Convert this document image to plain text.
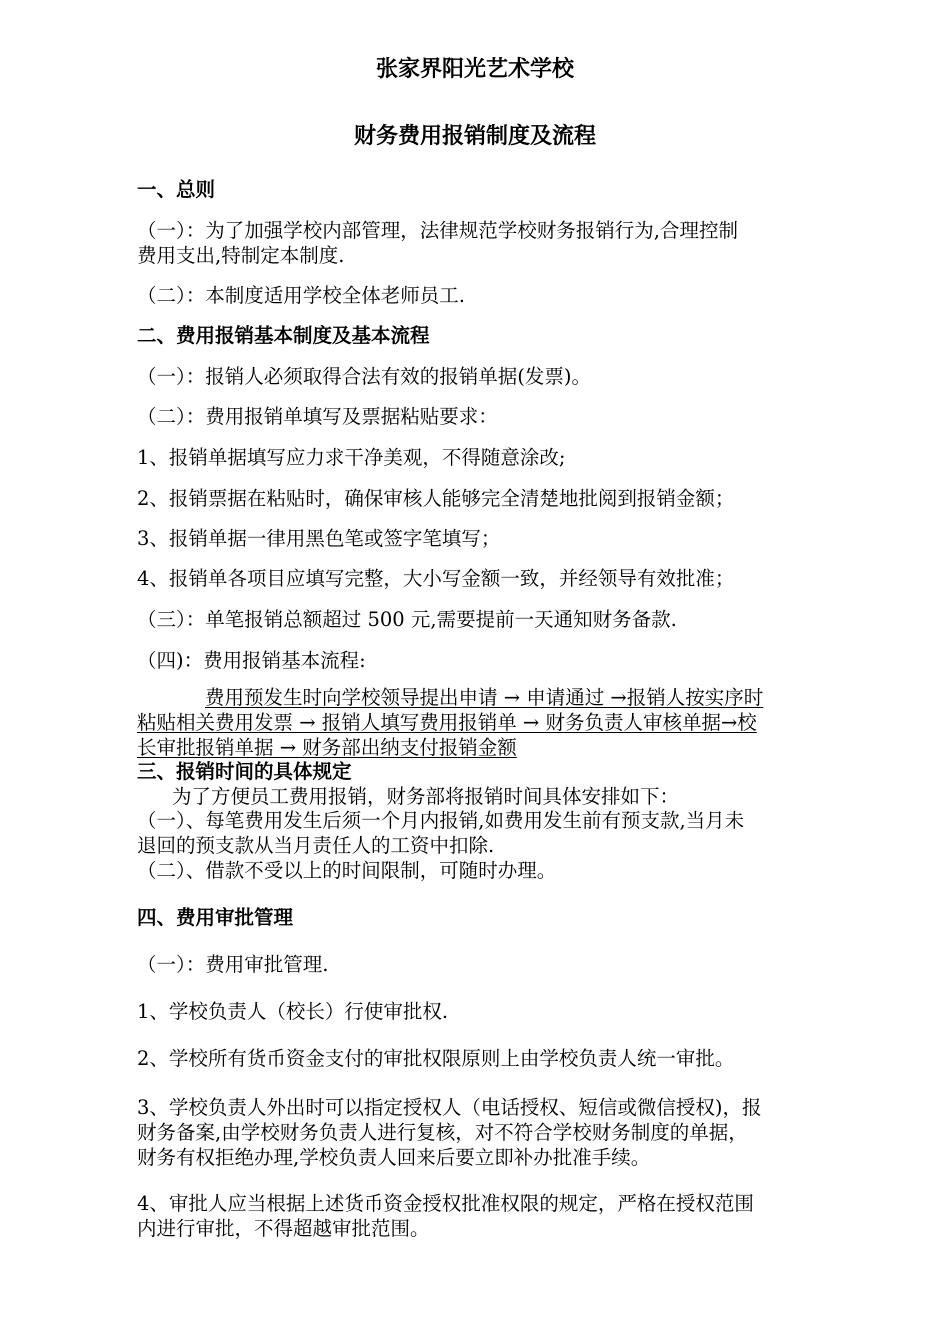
张家界阳光艺术学校

财务费用报销制度及流程

一、总则

（一）：为了加强学校内部管理，法律规范学校财务报销行为,合理控制

费用支出,特制定本制度.

（二）：本制度适用学校全体老师员工.

二、费用报销基本制度及基本流程

（一）：报销人必须取得合法有效的报销单据(发票)。

（二）：费用报销单填写及票据粘贴要求：

1、报销单据填写应力求干净美观，不得随意涂改;

2、报销票据在粘贴时，确保审核人能够完全清楚地批阅到报销金额；

3、报销单据一律用黑色笔或签字笔填写；

4、报销单各项目应填写完整，大小写金额一致，并经领导有效批准；

（三）：单笔报销总额超过 500 元,需要提前一天通知财务备款.

（四)：费用报销基本流程:

费用预发生时向学校领导提出申请 → 申请通过 →报销人按实序时

粘贴相关费用发票 → 报销人填写费用报销单 → 财务负责人审核单据→校

长审批报销单据 → 财务部出纳支付报销金额

三、报销时间的具体规定

为了方便员工费用报销，财务部将报销时间具体安排如下：

（一）、每笔费用发生后须一个月内报销,如费用发生前有预支款,当月未

退回的预支款从当月责任人的工资中扣除.

（二）、借款不受以上的时间限制，可随时办理。

四、费用审批管理

（一）：费用审批管理.

1、学校负责人（校长）行使审批权.

2、学校所有货币资金支付的审批权限原则上由学校负责人统一审批。

3、学校负责人外出时可以指定授权人（电话授权、短信或微信授权)，报

财务备案,由学校财务负责人进行复核，对不符合学校财务制度的单据，

财务有权拒绝办理,学校负责人回来后要立即补办批准手续。

4、审批人应当根据上述货币资金授权批准权限的规定，严格在授权范围

内进行审批，不得超越审批范围。
